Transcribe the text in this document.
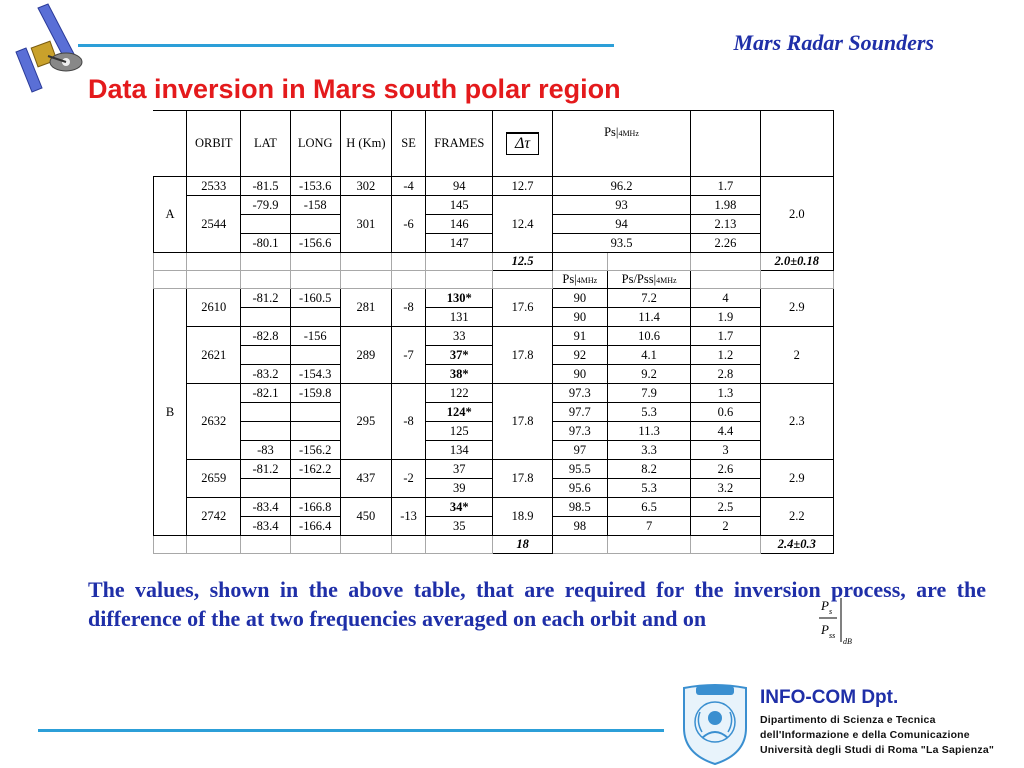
Mars Radar Sounders
Data inversion in Mars south polar region
	ORBIT	LAT	LONG	H (Km)	SE	FRAMES	Δτ	Ps|4MHz			
A	2533	-81.5	-153.6	302	-4	94	12.7	96.2		1.7	2.0
	2544	-79.9	-158	301	-6	145	12.4	93		1.98	
						146		94		2.13	
		-80.1	-156.6			147		93.5		2.26	
							12.5				2.0±0.18
								Ps|4MHz	Ps/Pss|4MHz		
B	2610	-81.2	-160.5	281	-8	130*	17.6	90	7.2	4	2.9
						131		90	11.4	1.9	
	2621	-82.8	-156	289	-7	33	17.8	91	10.6	1.7	2
						37*		92	4.1	1.2	
		-83.2	-154.3			38*		90	9.2	2.8	
	2632	-82.1	-159.8	295	-8	122	17.8	97.3	7.9	1.3	2.3
						124*		97.7	5.3	0.6	
						125		97.3	11.3	4.4	
		-83	-156.2			134		97	3.3	3	
	2659	-81.2	-162.2	437	-2	37	17.8	95.5	8.2	2.6	2.9
						39		95.6	5.3	3.2	
	2742	-83.4	-166.8	450	-13	34*	18.9	98.5	6.5	2.5	2.2
		-83.4	-166.4			35		98	7	2	
							18				2.4±0.3
The values, shown in the above table, that are required for the inversion process, are the difference of the at two frequencies averaged on each orbit and on
P s
P ss
dB
INFO-COM Dpt.
Dipartimento di Scienza e Tecnica
dell'Informazione e della Comunicazione
Università degli Studi di Roma "La Sapienza"
